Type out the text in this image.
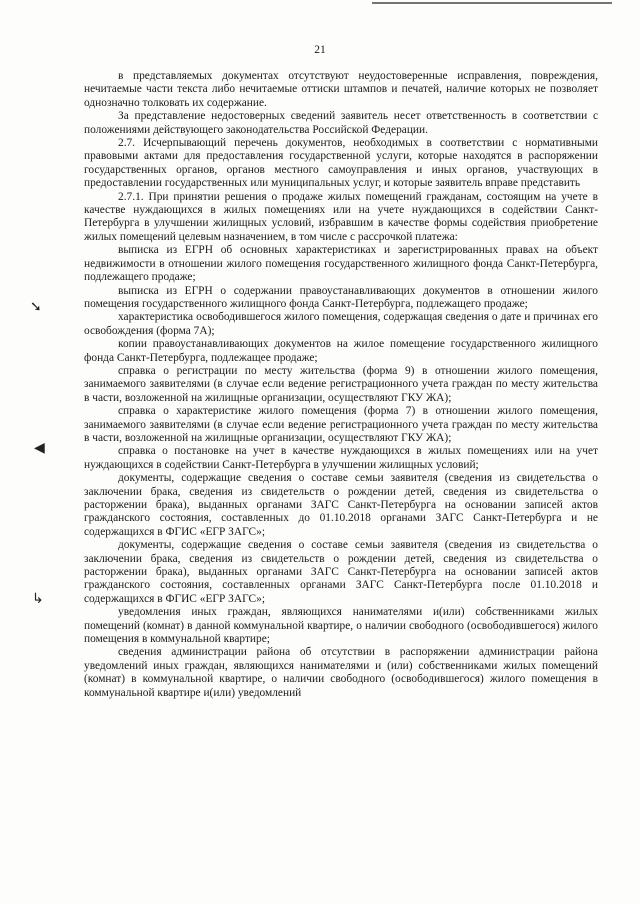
21
➘
◀
↳

в представляемых документах отсутствуют неудостоверенные исправления, повреждения, нечитаемые части текста либо нечитаемые оттиски штампов и печатей, наличие которых не позволяет однозначно толковать их содержание.

За представление недостоверных сведений заявитель несет ответственность в соответствии с положениями действующего законодательства Российской Федерации.

2.7. Исчерпывающий перечень документов, необходимых в соответствии с нормативными правовыми актами для предоставления государственной услуги, которые находятся в распоряжении государственных органов, органов местного самоуправления и иных органов, участвующих в предоставлении государственных или муниципальных услуг, и которые заявитель вправе представить

2.7.1. При принятии решения о продаже жилых помещений гражданам, состоящим на учете в качестве нуждающихся в жилых помещениях или на учете нуждающихся в содействии Санкт-Петербурга в улучшении жилищных условий, избравшим в качестве формы содействия приобретение жилых помещений целевым назначением, в том числе с рассрочкой платежа:

выписка из ЕГРН об основных характеристиках и зарегистрированных правах на объект недвижимости в отношении жилого помещения государственного жилищного фонда Санкт-Петербурга, подлежащего продаже;

выписка из ЕГРН о содержании правоустанавливающих документов в отношении жилого помещения государственного жилищного фонда Санкт-Петербурга, подлежащего продаже;

характеристика освободившегося жилого помещения, содержащая сведения о дате и причинах его освобождения (форма 7А);

копии правоустанавливающих документов на жилое помещение государственного жилищного фонда Санкт-Петербурга, подлежащее продаже;

справка о регистрации по месту жительства (форма 9) в отношении жилого помещения, занимаемого заявителями (в случае если ведение регистрационного учета граждан по месту жительства в части, возложенной на жилищные организации, осуществляют ГКУ ЖА);

справка о характеристике жилого помещения (форма 7) в отношении жилого помещения, занимаемого заявителями (в случае если ведение регистрационного учета граждан по месту жительства в части, возложенной на жилищные организации, осуществляют ГКУ ЖА);

справка о постановке на учет в качестве нуждающихся в жилых помещениях или на учет нуждающихся в содействии Санкт-Петербурга в улучшении жилищных условий;

документы, содержащие сведения о составе семьи заявителя (сведения из свидетельства о заключении брака, сведения из свидетельств о рождении детей, сведения из свидетельства о расторжении брака), выданных органами ЗАГС Санкт-Петербурга на основании записей актов гражданского состояния, составленных до 01.10.2018 органами ЗАГС Санкт-Петербурга и не содержащихся в ФГИС «ЕГР ЗАГС»;

документы, содержащие сведения о составе семьи заявителя (сведения из свидетельства о заключении брака, сведения из свидетельств о рождении детей, сведения из свидетельства о расторжении брака), выданных органами ЗАГС Санкт-Петербурга на основании записей актов гражданского состояния, составленных органами ЗАГС Санкт-Петербурга после 01.10.2018 и содержащихся в ФГИС «ЕГР ЗАГС»;

уведомления иных граждан, являющихся нанимателями и(или) собственниками жилых помещений (комнат) в данной коммунальной квартире, о наличии свободного (освободившегося) жилого помещения в коммунальной квартире;

сведения администрации района об отсутствии в распоряжении администрации района уведомлений иных граждан, являющихся нанимателями и (или) собственниками жилых помещений (комнат) в коммунальной квартире, о наличии свободного (освободившегося) жилого помещения в коммунальной квартире и(или) уведомлений
